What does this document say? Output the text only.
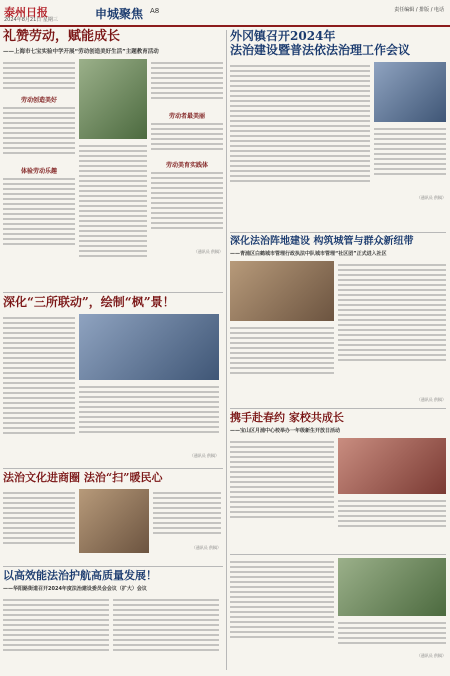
泰州日报
2024年8月21日 星期三	申城聚焦 A8	责任编辑 / 排版 / 电话
礼赞劳动，赋能成长
——上海市七宝实验中学开展“劳动创造美好生活”主题教育活动
劳动创造美好
体验劳动乐趣
劳动者最美丽
劳动美育实践体
（通讯员 供稿）
外冈镇召开2024年
法治建设暨普法依法治理工作会议
（通讯员 供稿）
深化法治阵地建设 构筑城管与群众新纽带
——青浦区白鹤城市管理行政执法中队城市管理“社区团”正式进入社区
（通讯员 供稿）
深化“三所联动”，绘制“枫”景！
（通讯员 供稿）
携手赴春约 家校共成长
——宝山区月浦中心校举办一年级新生开放日活动
法治文化进商圈 法治“扫”暖民心
（通讯员 供稿）
（通讯员 供稿）
以高效能法治护航高质量发展！
——华阳路街道召开2024年度法治建设委员会会议（扩大）会议
